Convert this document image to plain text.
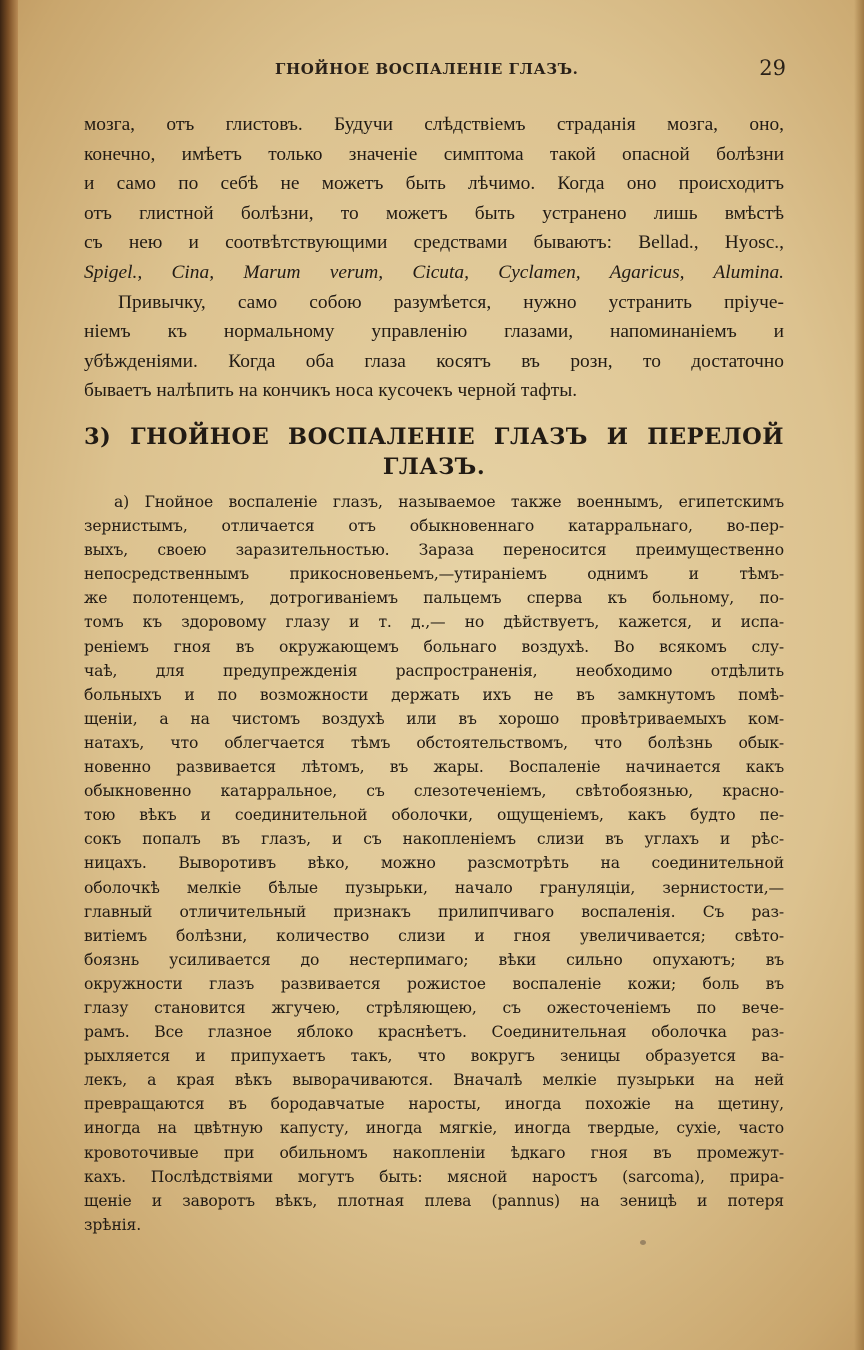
ГНОЙНОЕ ВОСПАЛЕНІЕ ГЛАЗЪ.	29
мозга, отъ глистовъ. Будучи слѣдствіемъ страданія мозга, оно,
конечно, имѣетъ только значеніе симптома такой опасной болѣзни
и само по себѣ не можетъ быть лѣчимо. Когда оно происходитъ
отъ глистной болѣзни, то можетъ быть устранено лишь вмѣстѣ
съ нею и соотвѣтствующими средствами бываютъ: Bellad., Hyosc.,
Spigel., Cina, Marum verum, Cicuta, Cyclamen, Agaricus, Alumina.
Привычку, само собою разумѣется, нужно устранить пріуче-
ніемъ къ нормальному управленію глазами, напоминаніемъ и
убѣжденіями. Когда оба глаза косятъ въ розн, то достаточно
бываетъ налѣпить на кончикъ носа кусочекъ черной тафты.
3) ГНОЙНОЕ ВОСПАЛЕНІЕ ГЛАЗЪ И ПЕРЕЛОЙ
ГЛАЗЪ.
а) Гнойное воспаленіе глазъ, называемое также военнымъ, египетскимъ
зернистымъ, отличается отъ обыкновеннаго катарральнаго, во-пер-
выхъ, своею заразительностью. Зараза переносится преимущественно
непосредственнымъ прикосновеньемъ,—утираніемъ однимъ и тѣмъ-
же полотенцемъ, дотрогиваніемъ пальцемъ сперва къ больному, по-
томъ къ здоровому глазу и т. д.,— но дѣйствуетъ, кажется, и испа-
реніемъ гноя въ окружающемъ больнаго воздухѣ. Во всякомъ слу-
чаѣ, для предупрежденія распространенія, необходимо отдѣлить
больныхъ и по возможности держать ихъ не въ замкнутомъ помѣ-
щеніи, а на чистомъ воздухѣ или въ хорошо провѣтриваемыхъ ком-
натахъ, что облегчается тѣмъ обстоятельствомъ, что болѣзнь обык-
новенно развивается лѣтомъ, въ жары. Воспаленіе начинается какъ
обыкновенно катарральное, съ слезотеченіемъ, свѣтобоязнью, красно-
тою вѣкъ и соединительной оболочки, ощущеніемъ, какъ будто пе-
сокъ попалъ въ глазъ, и съ накопленіемъ слизи въ углахъ и рѣс-
ницахъ. Выворотивъ вѣко, можно разсмотрѣть на соединительной
оболочкѣ мелкіе бѣлые пузырьки, начало грануляціи, зернистости,—
главный отличительный признакъ прилипчиваго воспаленія. Съ раз-
витіемъ болѣзни, количество слизи и гноя увеличивается; свѣто-
боязнь усиливается до нестерпимаго; вѣки сильно опухаютъ; въ
окружности глазъ развивается рожистое воспаленіе кожи; боль въ
глазу становится жгучею, стрѣляющею, съ ожесточеніемъ по вече-
рамъ. Все глазное яблоко краснѣетъ. Соединительная оболочка раз-
рыхляется и припухаетъ такъ, что вокругъ зеницы образуется ва-
лекъ, а края вѣкъ выворачиваются. Вначалѣ мелкіе пузырьки на ней
превращаются въ бородавчатые наросты, иногда похожіе на щетину,
иногда на цвѣтную капусту, иногда мягкіе, иногда твердые, сухіе, часто
кровоточивые при обильномъ накопленіи ѣдкаго гноя въ промежут-
кахъ. Послѣдствіями могутъ быть: мясной наростъ (sarcoma), прира-
щеніе и заворотъ вѣкъ, плотная плева (pannus) на зеницѣ и потеря
зрѣнія.
